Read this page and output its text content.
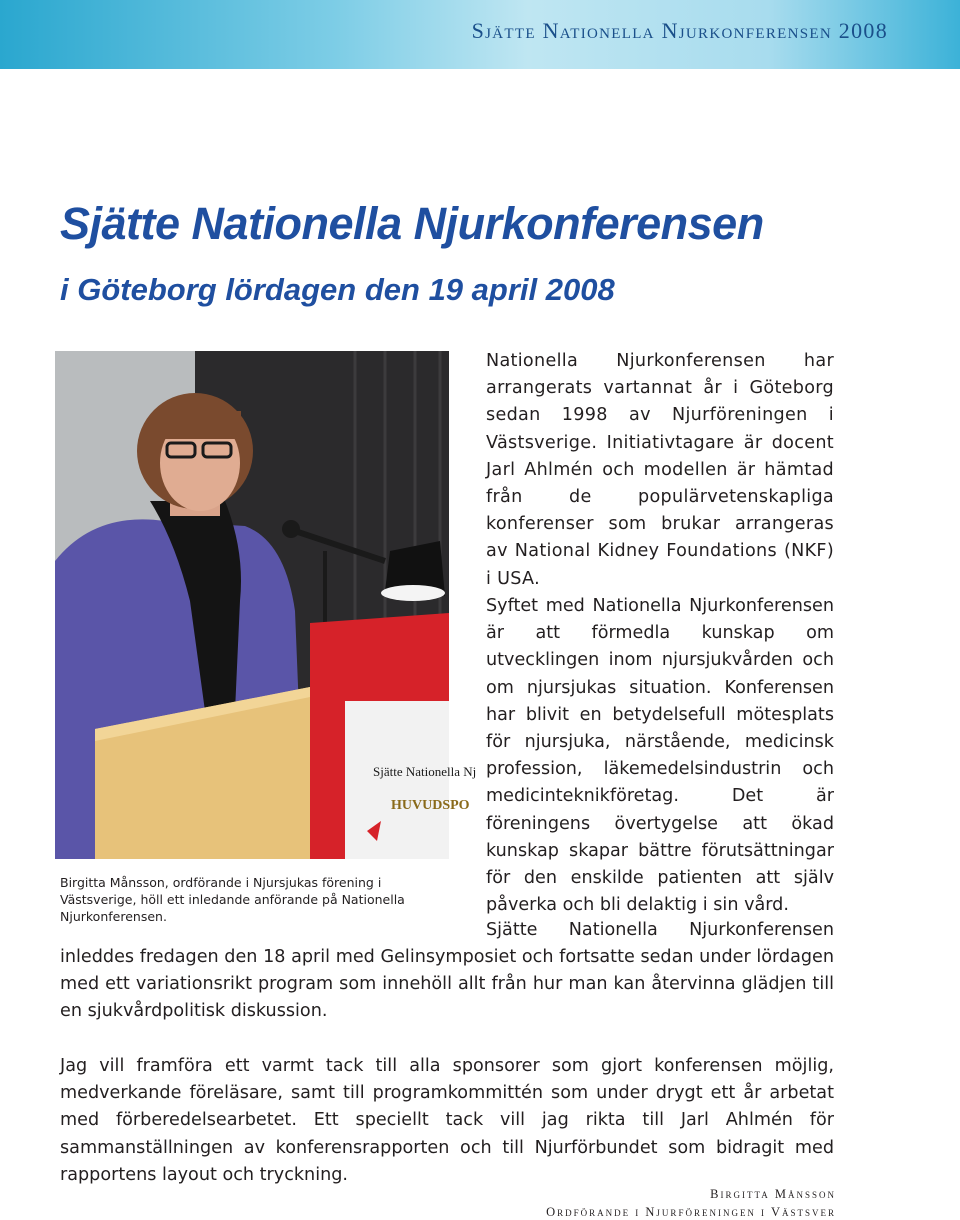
Sjätte Nationella Njurkonferensen 2008
Sjätte Nationella Njurkonferensen
i Göteborg lördagen den 19 april 2008
Sjätte Nationella Nj
HUVUDSPO
Birgitta Månsson, ordförande i Njursjukas förening i Västsverige, höll ett inledande anförande på Nationella Njurkonferensen.

Nationella Njurkonferensen har arrangerats vartannat år i Göteborg sedan 1998 av Njurföreningen i Västsverige. Initiativtagare är docent Jarl Ahlmén och modellen är hämtad från de populärvetenskapliga konferenser som brukar arrangeras av National Kidney Foundations (NKF) i USA.

Syftet med Nationella Njurkonferensen är att förmedla kunskap om utvecklingen inom njursjukvården och om njursjukas situation. Konferensen har blivit en betydelsefull mötesplats för njursjuka, närstående, medicinsk profession, läkemedelsindustrin och medicinteknikföretag. Det är föreningens övertygelse att ökad kunskap skapar bättre förutsättningar för den enskilde patienten att själv påverka och bli delaktig i sin vård.

Sjätte Nationella Njurkonferensen

inleddes fredagen den 18 april med Gelinsymposiet och fortsatte sedan under lördagen med ett variationsrikt program som innehöll allt från hur man kan återvinna glädjen till en sjukvårdpolitisk diskussion.

Jag vill framföra ett varmt tack till alla sponsorer som gjort konferensen möjlig, medverkande föreläsare, samt till programkommittén som under drygt ett år arbetat med förberedelsearbetet. Ett speciellt tack vill jag rikta till Jarl Ahlmén för sammanställningen av konferensrapporten och till Njurförbundet som bidragit med rapportens layout och tryckning.

Birgitta Månsson
Ordförande i Njurföreningen i Västsver
